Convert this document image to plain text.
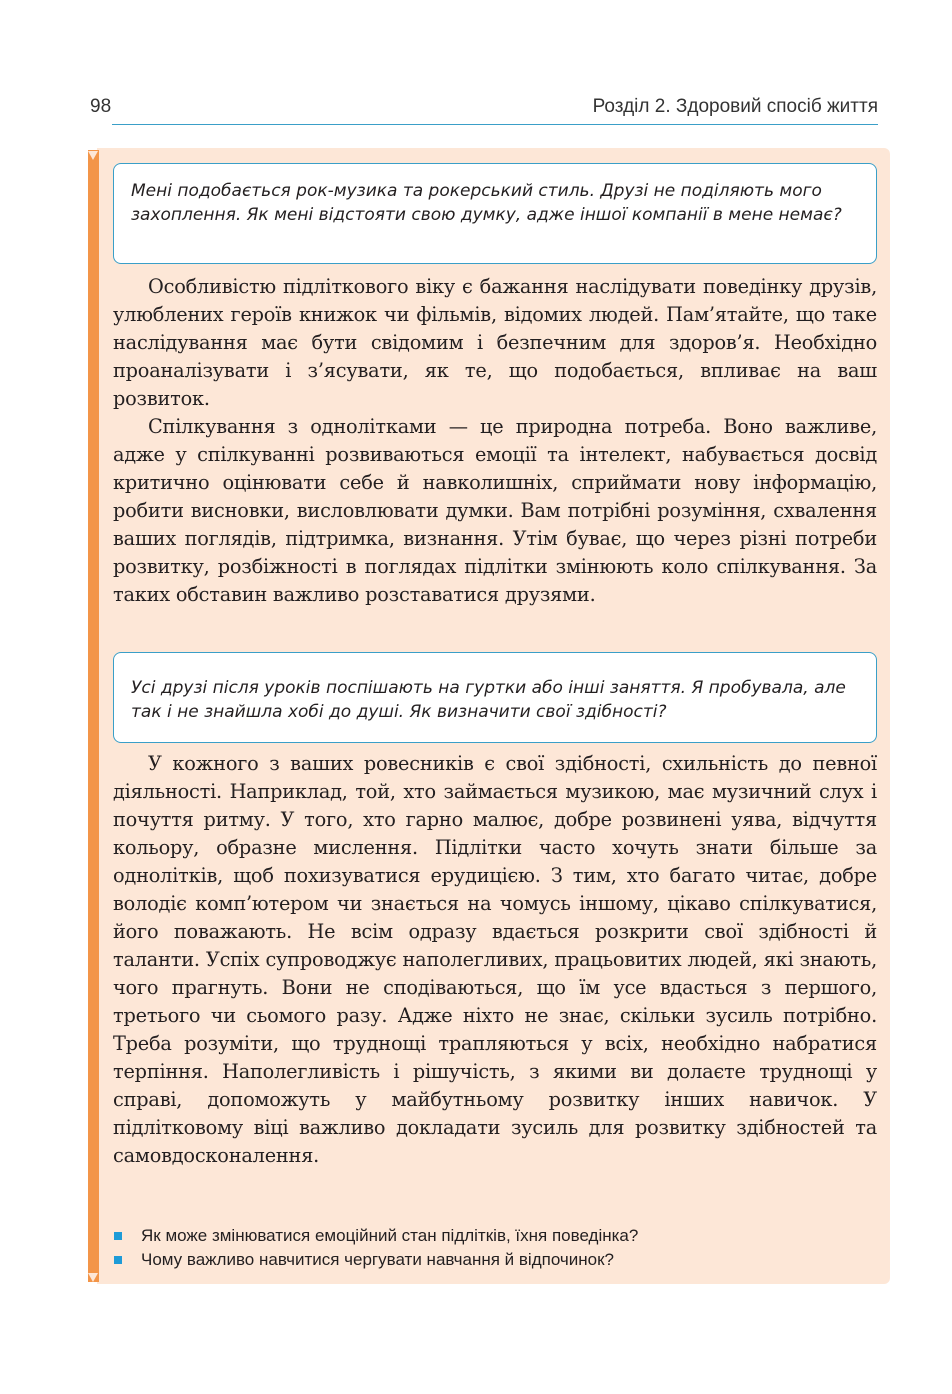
98	Розділ 2. Здоровий спосіб життя

Мені подобається рок-музика та рокерський стиль. Друзі не поділяють мого захоплення. Як мені відстояти свою думку, адже іншої компанії в мене немає?

Особливістю підліткового віку є бажання наслідувати поведінку друзів, улюблених героїв книжок чи фільмів, відомих людей. Пам’ятайте, що таке наслідування має бути свідомим і безпечним для здоров’я. Необхідно проаналізувати і з’ясувати, як те, що подобається, впливає на ваш розвиток.

Спілкування з однолітками — це природна потреба. Воно важливе, адже у спілкуванні розвиваються емоції та інтелект, набувається досвід критично оцінювати себе й навколишніх, сприймати нову інформацію, робити висновки, висловлювати думки. Вам потрібні розуміння, схвалення ваших поглядів, підтримка, визнання. Утім буває, що через різні потреби розвитку, розбіжності в поглядах підлітки змінюють коло спілкування. За таких обставин важливо розставатися друзями.

Усі друзі після уроків поспішають на гуртки або інші заняття. Я пробувала, але так і не знайшла хобі до душі. Як визначити свої здібності?

У кожного з ваших ровесників є свої здібності, схильність до певної діяльності. Наприклад, той, хто займається музикою, має музичний слух і почуття ритму. У того, хто гарно малює, добре розвинені уява, відчуття кольору, образне мислення. Підлітки часто хочуть знати більше за однолітків, щоб похизуватися ерудицією. З тим, хто багато читає, добре володіє комп’ютером чи знається на чомусь іншому, цікаво спілкуватися, його поважають. Не всім одразу вдається розкрити свої здібності й таланти. Успіх супроводжує наполегливих, працьовитих людей, які знають, чого прагнуть. Вони не сподіваються, що їм усе вдасться з першого, третього чи сьомого разу. Адже ніхто не знає, скільки зусиль потрібно. Треба розуміти, що труднощі трапляються у всіх, необхідно набратися терпіння. Наполегливість і рішучість, з якими ви долаєте труднощі у справі, допоможуть у майбутньому розвитку інших навичок. У підлітковому віці важливо докладати зусиль для розвитку здібностей та самовдосконалення.

Як може змінюватися емоційний стан підлітків, їхня поведінка?
Чому важливо навчитися чергувати навчання й відпочинок?
